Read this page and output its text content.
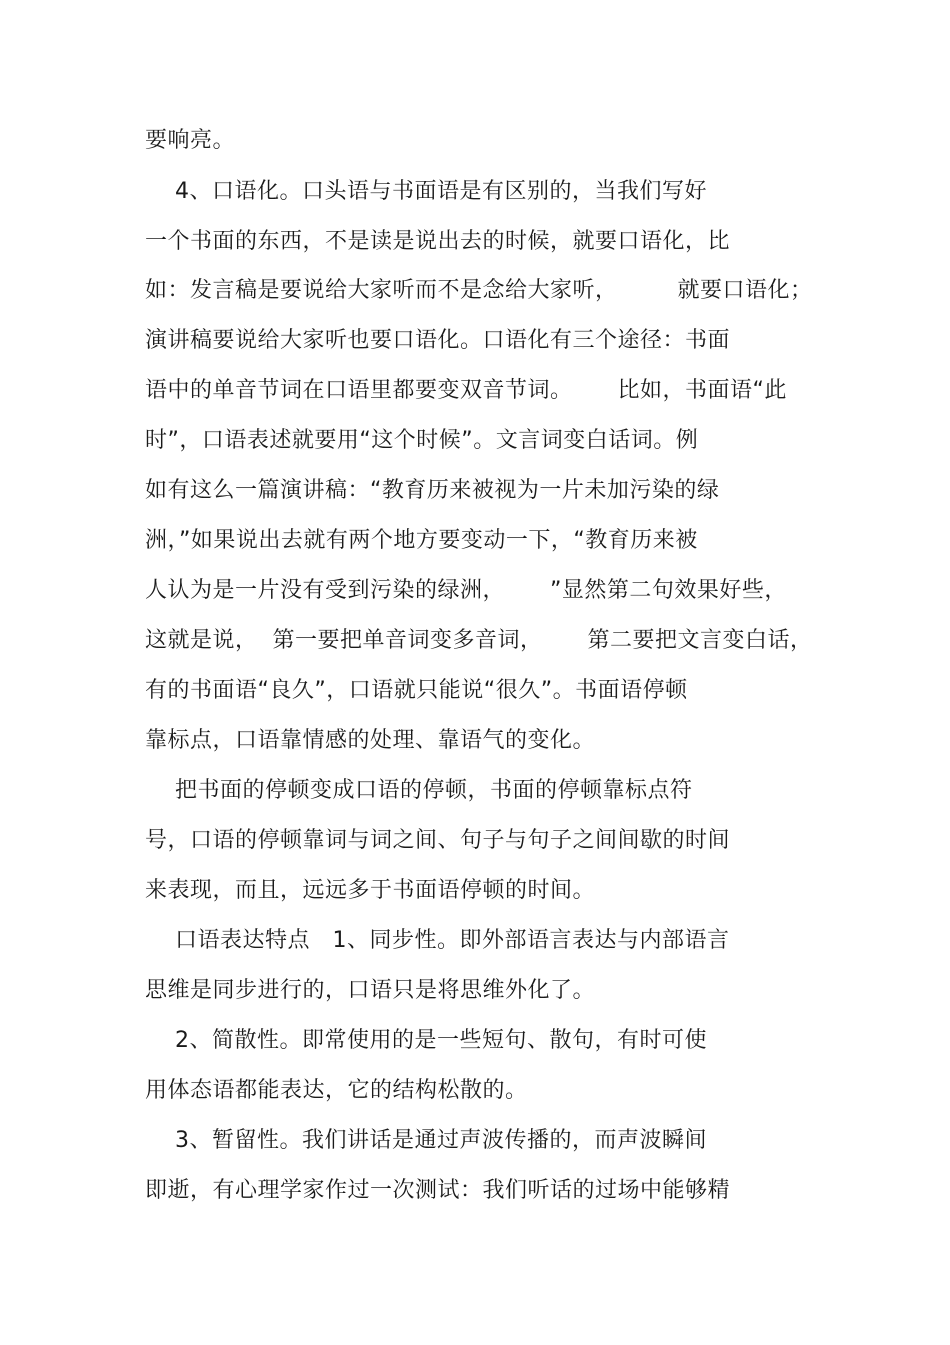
要响亮。
4、口语化。口头语与书面语是有区别的，当我们写好
一个书面的东西，不是读是说出去的时候，就要口语化，比
如：发言稿是要说给大家听而不是念给大家听，        就要口语化；
演讲稿要说给大家听也要口语化。口语化有三个途径：书面
语中的单音节词在口语里都要变双音节词。      比如，书面语“此
时”，口语表述就要用“这个时候”。文言词变白话词。例
如有这么一篇演讲稿：“教育历来被视为一片未加污染的绿
洲，”如果说出去就有两个地方要变动一下，“教育历来被
人认为是一片没有受到污染的绿洲，      ”显然第二句效果好些，
这就是说，  第一要把单音词变多音词，      第二要把文言变白话，
有的书面语“良久”，口语就只能说“很久”。书面语停顿
靠标点，口语靠情感的处理、靠语气的变化。
把书面的停顿变成口语的停顿，书面的停顿靠标点符
号，口语的停顿靠词与词之间、句子与句子之间间歇的时间
来表现，而且，远远多于书面语停顿的时间。
口语表达特点   1、同步性。即外部语言表达与内部语言
思维是同步进行的，口语只是将思维外化了。
2、简散性。即常使用的是一些短句、散句，有时可使
用体态语都能表达，它的结构松散的。
3、暂留性。我们讲话是通过声波传播的，而声波瞬间
即逝，有心理学家作过一次测试：我们听话的过场中能够精
